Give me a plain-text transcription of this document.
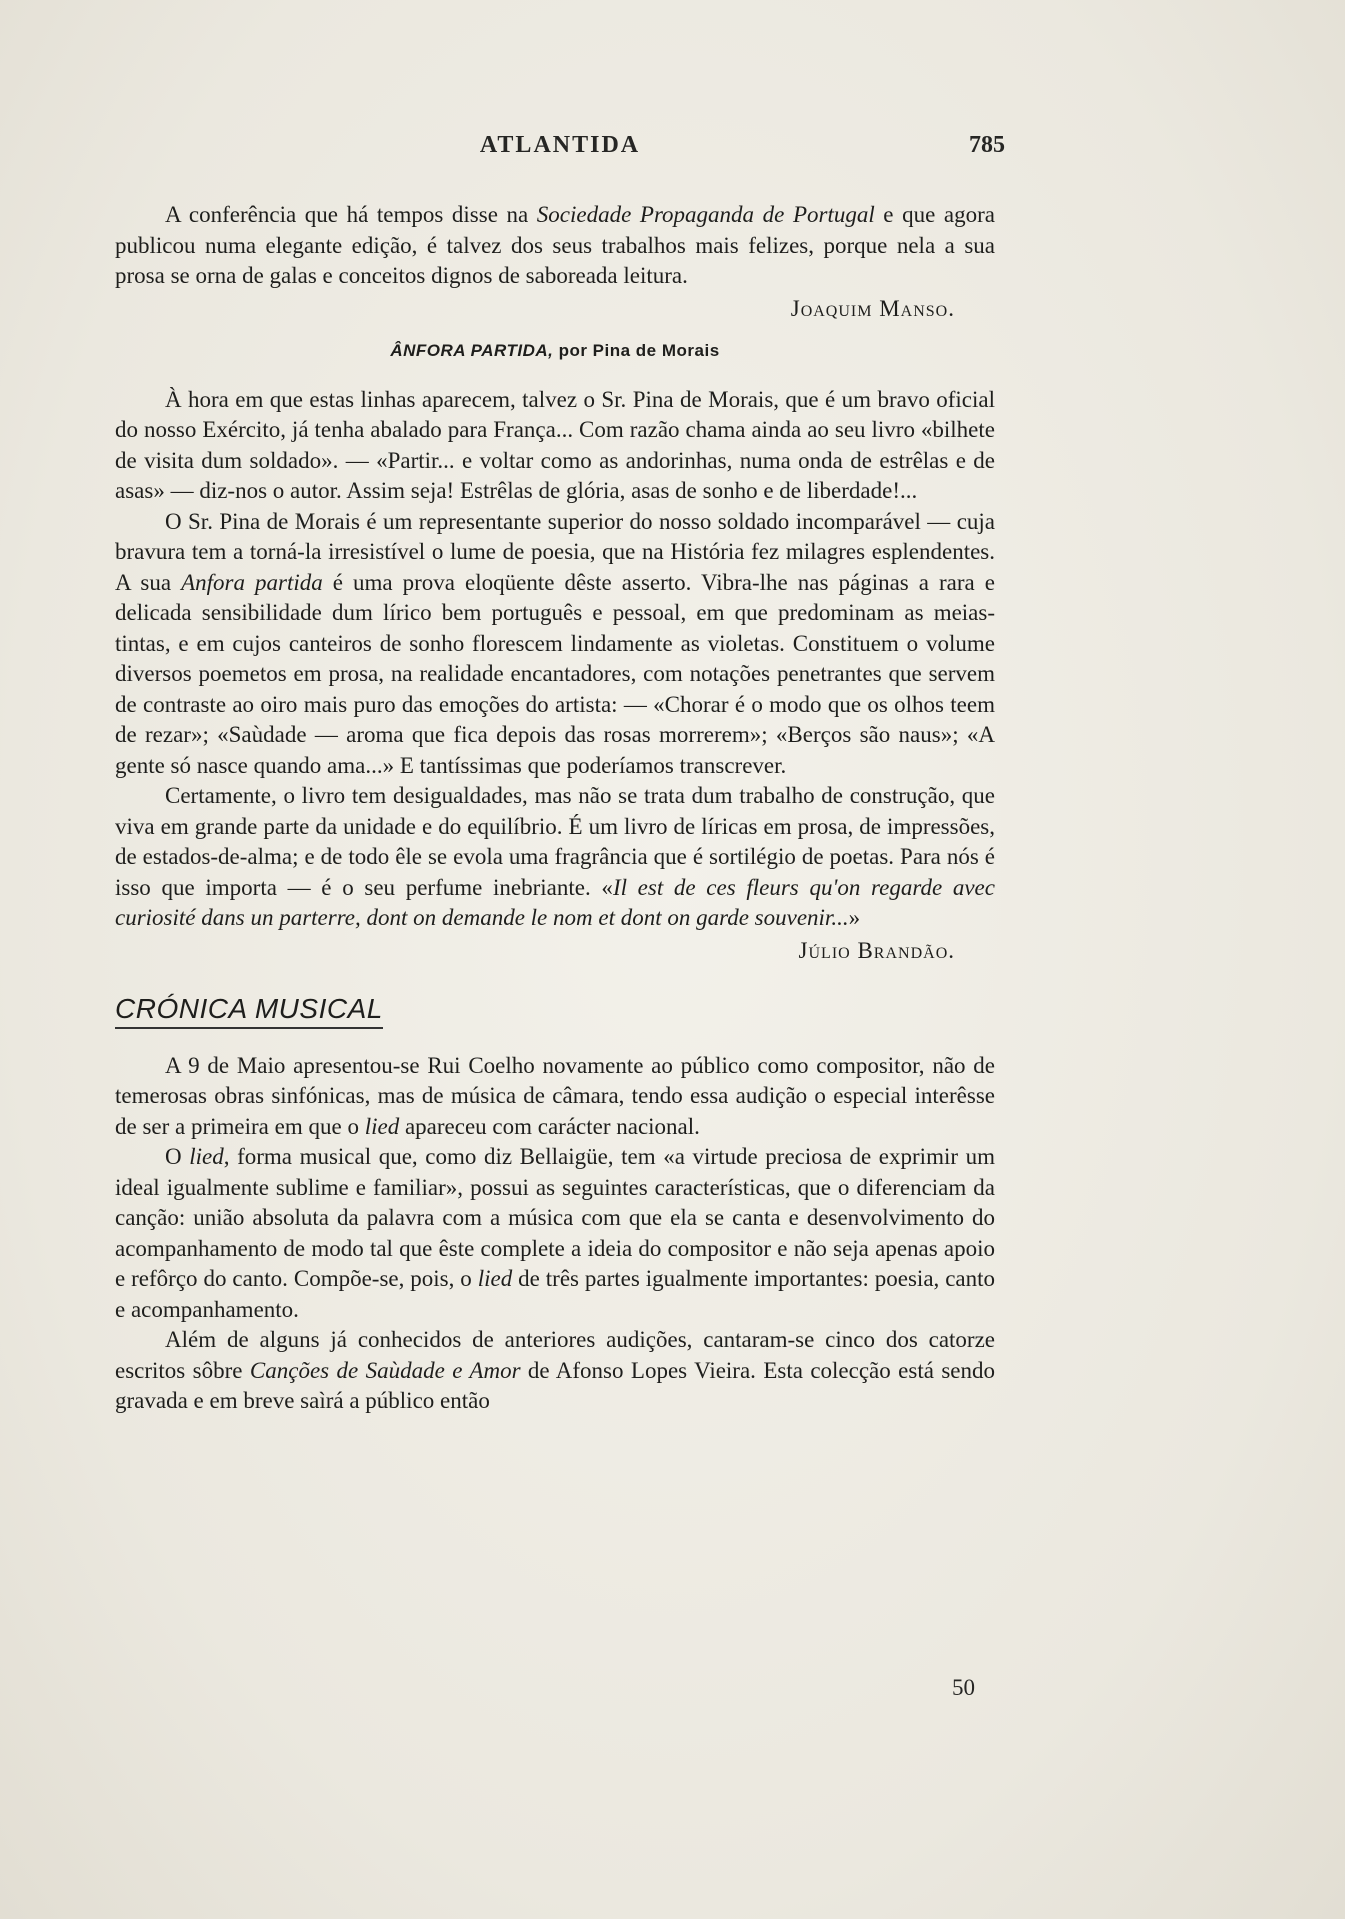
ATLANTIDA	785

A conferência que há tempos disse na Sociedade Propaganda de Portugal e que agora publicou numa elegante edição, é talvez dos seus trabalhos mais felizes, porque nela a sua prosa se orna de galas e conceitos dignos de saboreada leitura.

Joaquim Manso.
ÂNFORA PARTIDA, por Pina de Morais

À hora em que estas linhas aparecem, talvez o Sr. Pina de Morais, que é um bravo oficial do nosso Exército, já tenha abalado para França... Com razão chama ainda ao seu livro «bilhete de visita dum soldado». — «Partir... e voltar como as andorinhas, numa onda de estrêlas e de asas» — diz-nos o autor. Assim seja! Estrêlas de glória, asas de sonho e de liberdade!...

O Sr. Pina de Morais é um representante superior do nosso soldado incomparável — cuja bravura tem a torná-la irresistível o lume de poesia, que na História fez milagres esplendentes. A sua Anfora partida é uma prova eloqüente dêste asserto. Vibra-lhe nas páginas a rara e delicada sensibilidade dum lírico bem português e pessoal, em que predominam as meias-tintas, e em cujos canteiros de sonho florescem lindamente as violetas. Constituem o volume diversos poemetos em prosa, na realidade encantadores, com notações penetrantes que servem de contraste ao oiro mais puro das emoções do artista: — «Chorar é o modo que os olhos teem de rezar»; «Saùdade — aroma que fica depois das rosas morrerem»; «Berços são naus»; «A gente só nasce quando ama...» E tantíssimas que poderíamos transcrever.

Certamente, o livro tem desigualdades, mas não se trata dum trabalho de construção, que viva em grande parte da unidade e do equilíbrio. É um livro de líricas em prosa, de impressões, de estados-de-alma; e de todo êle se evola uma fragrância que é sortilégio de poetas. Para nós é isso que importa — é o seu perfume inebriante. «Il est de ces fleurs qu'on regarde avec curiosité dans un parterre, dont on demande le nom et dont on garde souvenir...»

Júlio Brandão.
CRÓNICA MUSICAL

A 9 de Maio apresentou-se Rui Coelho novamente ao público como compositor, não de temerosas obras sinfónicas, mas de música de câmara, tendo essa audição o especial interêsse de ser a primeira em que o lied apareceu com carácter nacional.

O lied, forma musical que, como diz Bellaigüe, tem «a virtude preciosa de exprimir um ideal igualmente sublime e familiar», possui as seguintes características, que o diferenciam da canção: união absoluta da palavra com a música com que ela se canta e desenvolvimento do acompanhamento de modo tal que êste complete a ideia do compositor e não seja apenas apoio e refôrço do canto. Compõe-se, pois, o lied de três partes igualmente importantes: poesia, canto e acompanhamento.

Além de alguns já conhecidos de anteriores audições, cantaram-se cinco dos catorze escritos sôbre Canções de Saùdade e Amor de Afonso Lopes Vieira. Esta colecção está sendo gravada e em breve saìrá a público então

50
